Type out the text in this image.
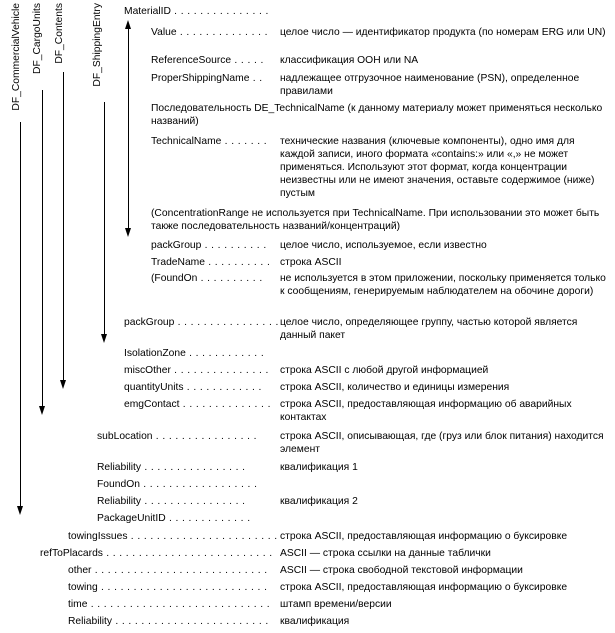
DF_CommercialVehicle DF_CargoUnits DF_Contents	DF_ShippingEntry MaterialID . . . . . . . . . . . . . . .
Value . . . . . . . . . . . . . . целое число — идентификатор продукта (по номерам ERG или UN)
ReferenceSource . . . . . классификация ООН или NA
ProperShippingName . . надлежащее отгрузочное наименование (PSN), определенное правилами
Последовательность DE_TechnicalName (к данному материалу может применяться несколько названий)
TechnicalName . . . . . . . технические названия (ключевые компоненты), одно имя для каждой записи, иного формата «contains:» или «,» не может применяться. Используют этот формат, когда концентрации неизвестны или не имеют значения, оставьте содержимое (ниже) пустым
(ConcentrationRange не используется при TechnicalName. При использовании это может быть также последовательность названий/концентраций)
packGroup . . . . . . . . . . целое число, используемое, если известно
TradeName . . . . . . . . . . строка ASCII
(FoundOn . . . . . . . . . . не используется в этом приложении, поскольку применяется только к сообщениям, генерируемым наблюдателем на обочине дороги)
packGroup . . . . . . . . . . . . . . . . целое число, определяющее группу, частью которой является данный пакет
IsolationZone . . . . . . . . . . . .
miscOther . . . . . . . . . . . . . . . строка ASCII с любой другой информацией
quantityUnits . . . . . . . . . . . . строка ASCII, количество и единицы измерения
emgContact . . . . . . . . . . . . . . строка ASCII, предоставляющая информацию об аварийных контактах
subLocation . . . . . . . . . . . . . . . . строка ASCII, описывающая, где (груз или блок питания) находится элемент
Reliability . . . . . . . . . . . . . . . .	квалификация 1
FoundOn . . . . . . . . . . . . . . . . . .
Reliability . . . . . . . . . . . . . . . .	квалификация 2
PackageUnitID . . . . . . . . . . . . .
towingIssues . . . . . . . . . . . . . . . . . . . . . . . строка ASCII, предоставляющая информацию о буксировке
refToPlacards . . . . . . . . . . . . . . . . . . . . . . . . . . ASCII — строка ссылки на данные таблички
other . . . . . . . . . . . . . . . . . . . . . . . . . . . ASCII — строка свободной текстовой информации
towing . . . . . . . . . . . . . . . . . . . . . . . . . . строка ASCII, предоставляющая информацию о буксировке
time . . . . . . . . . . . . . . . . . . . . . . . . . . . . штамп времени/версии
Reliability . . . . . . . . . . . . . . . . . . . . . . . . квалификация
